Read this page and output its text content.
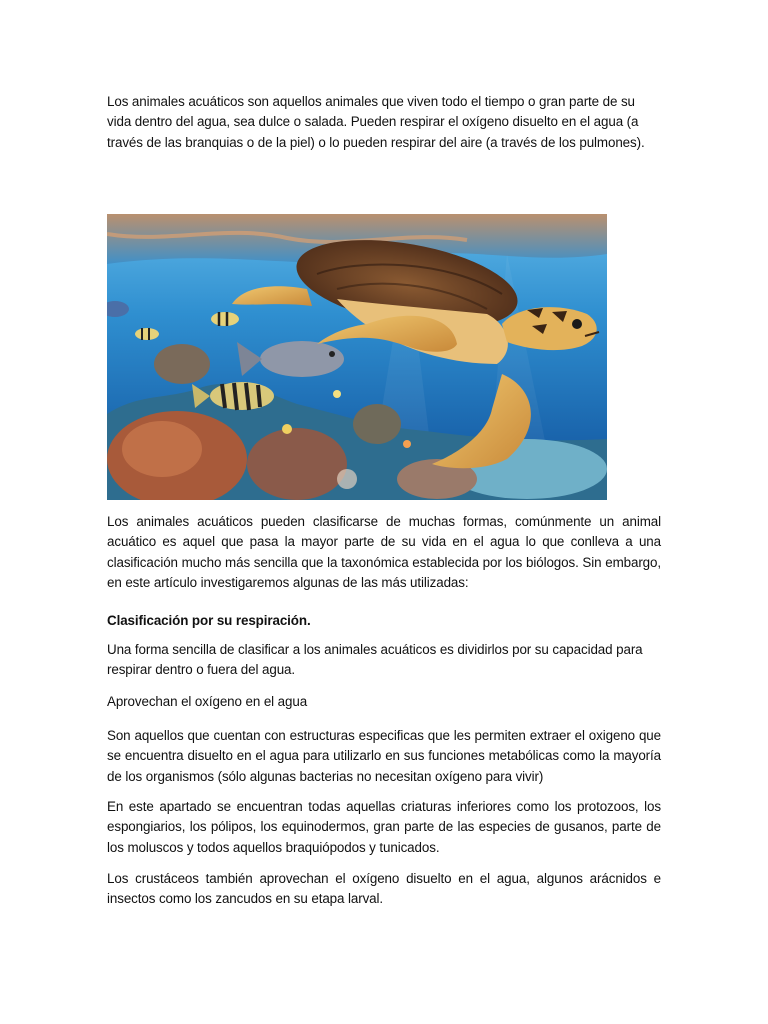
Los animales acuáticos son aquellos animales que viven todo el tiempo o gran parte de su vida dentro del agua, sea dulce o salada. Pueden respirar el oxígeno disuelto en el agua (a través de las branquias o de la piel) o lo pueden respirar del aire (a través de los pulmones).

Los animales acuáticos pueden clasificarse de muchas formas, comúnmente un animal acuático es aquel que pasa la mayor parte de su vida en el agua lo que conlleva a una clasificación mucho más sencilla que la taxonómica establecida por los biólogos. Sin embargo, en este artículo investigaremos algunas de las más utilizadas:

Clasificación por su respiración.

Una forma sencilla de clasificar a los animales acuáticos es dividirlos por su capacidad para respirar dentro o fuera del agua.

Aprovechan el oxígeno en el agua

Son aquellos que cuentan con estructuras especificas que les permiten extraer el oxigeno que se encuentra disuelto en el agua para utilizarlo en sus funciones metabólicas como la mayoría de los organismos (sólo algunas bacterias no necesitan oxígeno para vivir)

En este apartado se encuentran todas aquellas criaturas inferiores como los protozoos, los espongiarios, los pólipos, los equinodermos, gran parte de las especies de gusanos, parte de los moluscos y todos aquellos braquiópodos y tunicados.

Los crustáceos también aprovechan el oxígeno disuelto en el agua, algunos arácnidos e insectos como los zancudos en su etapa larval.
